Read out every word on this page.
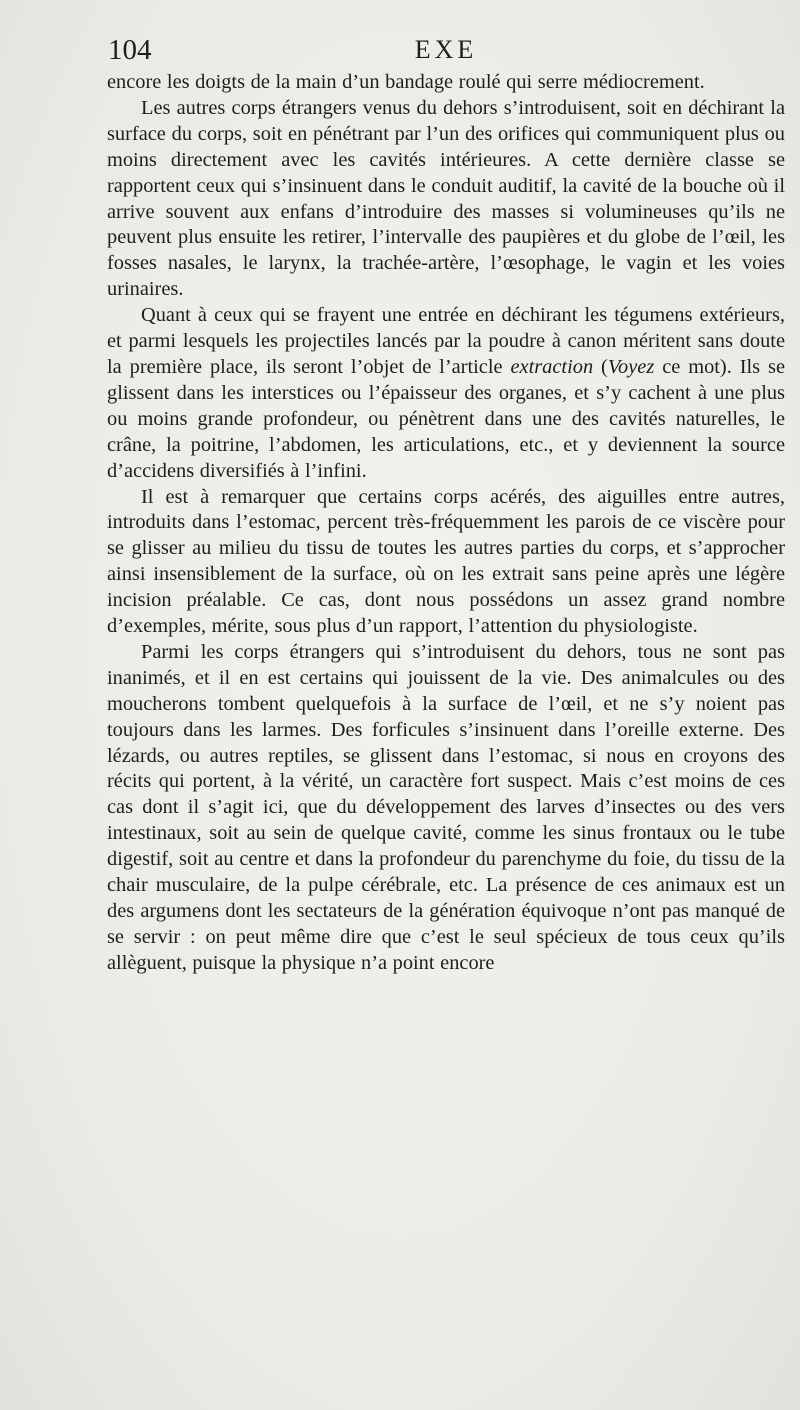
104	EXE

encore les doigts de la main d’un bandage roulé qui serre médiocrement.

Les autres corps étrangers venus du dehors s’introduisent, soit en déchirant la surface du corps, soit en pénétrant par l’un des orifices qui communiquent plus ou moins directement avec les cavités intérieures. A cette dernière classe se rapportent ceux qui s’insinuent dans le conduit auditif, la cavité de la bouche où il arrive souvent aux enfans d’introduire des masses si volumineuses qu’ils ne peuvent plus ensuite les retirer, l’intervalle des paupières et du globe de l’œil, les fosses nasales, le larynx, la trachée-artère, l’œsophage, le vagin et les voies urinaires.

Quant à ceux qui se frayent une entrée en déchirant les tégumens extérieurs, et parmi lesquels les projectiles lancés par la poudre à canon méritent sans doute la première place, ils seront l’objet de l’article extraction (Voyez ce mot). Ils se glissent dans les interstices ou l’épaisseur des organes, et s’y cachent à une plus ou moins grande profondeur, ou pénètrent dans une des cavités naturelles, le crâne, la poitrine, l’abdomen, les articulations, etc., et y deviennent la source d’accidens diversifiés à l’infini.

Il est à remarquer que certains corps acérés, des aiguilles entre autres, introduits dans l’estomac, percent très-fréquemment les parois de ce viscère pour se glisser au milieu du tissu de toutes les autres parties du corps, et s’approcher ainsi insensiblement de la surface, où on les extrait sans peine après une légère incision préalable. Ce cas, dont nous possédons un assez grand nombre d’exemples, mérite, sous plus d’un rapport, l’attention du physiologiste.

Parmi les corps étrangers qui s’introduisent du dehors, tous ne sont pas inanimés, et il en est certains qui jouissent de la vie. Des animalcules ou des moucherons tombent quelquefois à la surface de l’œil, et ne s’y noient pas toujours dans les larmes. Des forficules s’insinuent dans l’oreille externe. Des lézards, ou autres reptiles, se glissent dans l’estomac, si nous en croyons des récits qui portent, à la vérité, un caractère fort suspect. Mais c’est moins de ces cas dont il s’agit ici, que du développement des larves d’insectes ou des vers intestinaux, soit au sein de quelque cavité, comme les sinus frontaux ou le tube digestif, soit au centre et dans la profondeur du parenchyme du foie, du tissu de la chair musculaire, de la pulpe cérébrale, etc. La présence de ces animaux est un des argumens dont les sectateurs de la génération équivoque n’ont pas manqué de se servir : on peut même dire que c’est le seul spécieux de tous ceux qu’ils allèguent, puisque la physique n’a point encore
